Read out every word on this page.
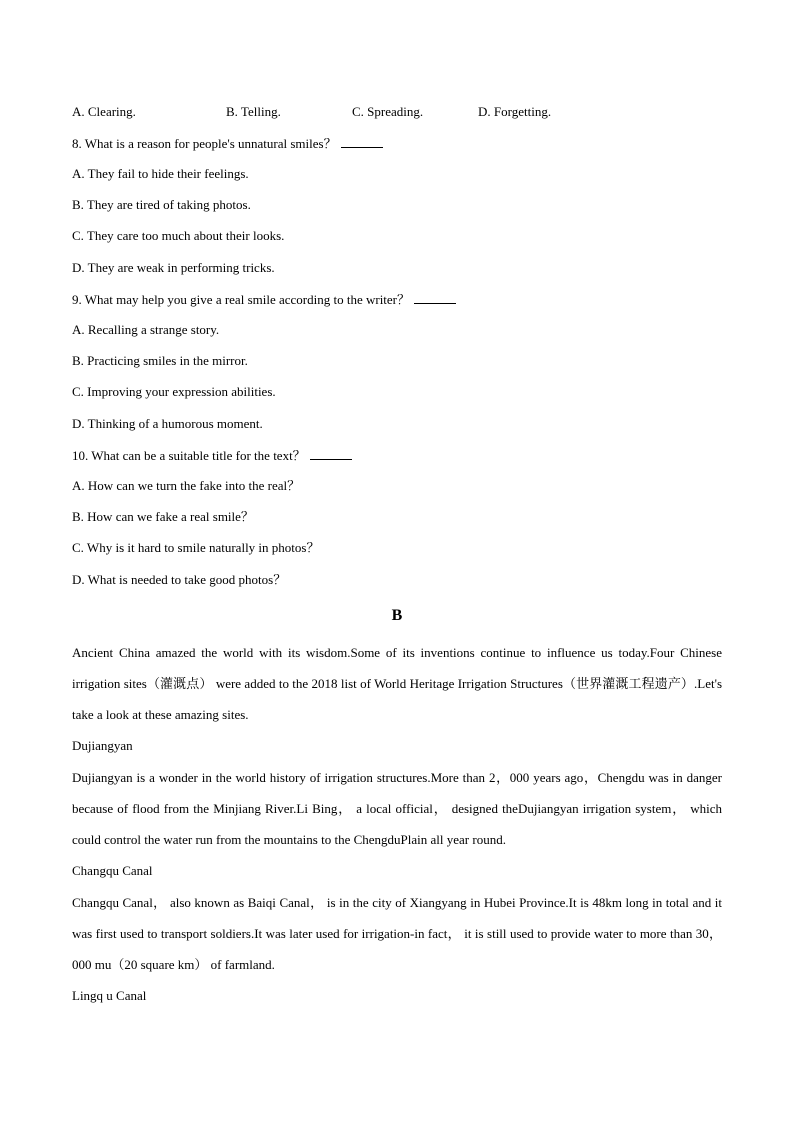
A. Clearing.	B. Telling.	C. Spreading.	D. Forgetting.
8. What is a reason for people's unnatural smiles？
A. They fail to hide their feelings.
B. They are tired of taking photos.
C. They care too much about their looks.
D. They are weak in performing tricks.
9. What may help you give a real smile according to the writer？
A. Recalling a strange story.
B. Practicing smiles in the mirror.
C. Improving your expression abilities.
D. Thinking of a humorous moment.
10. What can be a suitable title for the text？
A. How can we turn the fake into the real？
B. How can we fake a real smile？
C. Why is it hard to smile naturally in photos？
D. What is needed to take good photos？
B
Ancient China amazed the world with its wisdom.Some of its inventions continue to influence us today.Four Chinese irrigation sites（灌溉点） were added to the 2018 list of World Heritage Irrigation Structures（世界灌溉工程遗产）.Let's take a look at these amazing sites.
Dujiangyan
Dujiangyan is a wonder in the world history of irrigation structures.More than 2，000 years ago，Chengdu was in danger because of flood from the Minjiang River.Li Bing， a local official， designed theDujiangyan irrigation system， which could control the water run from the mountains to the ChengduPlain all year round.
Changqu Canal
Changqu Canal， also known as Baiqi Canal， is in the city of Xiangyang in Hubei Province.It is 48km long in total and it was first used to transport soldiers.It was later used for irrigation-in fact， it is still used to provide water to more than 30，000 mu（20 square km） of farmland.
Lingq u Canal
